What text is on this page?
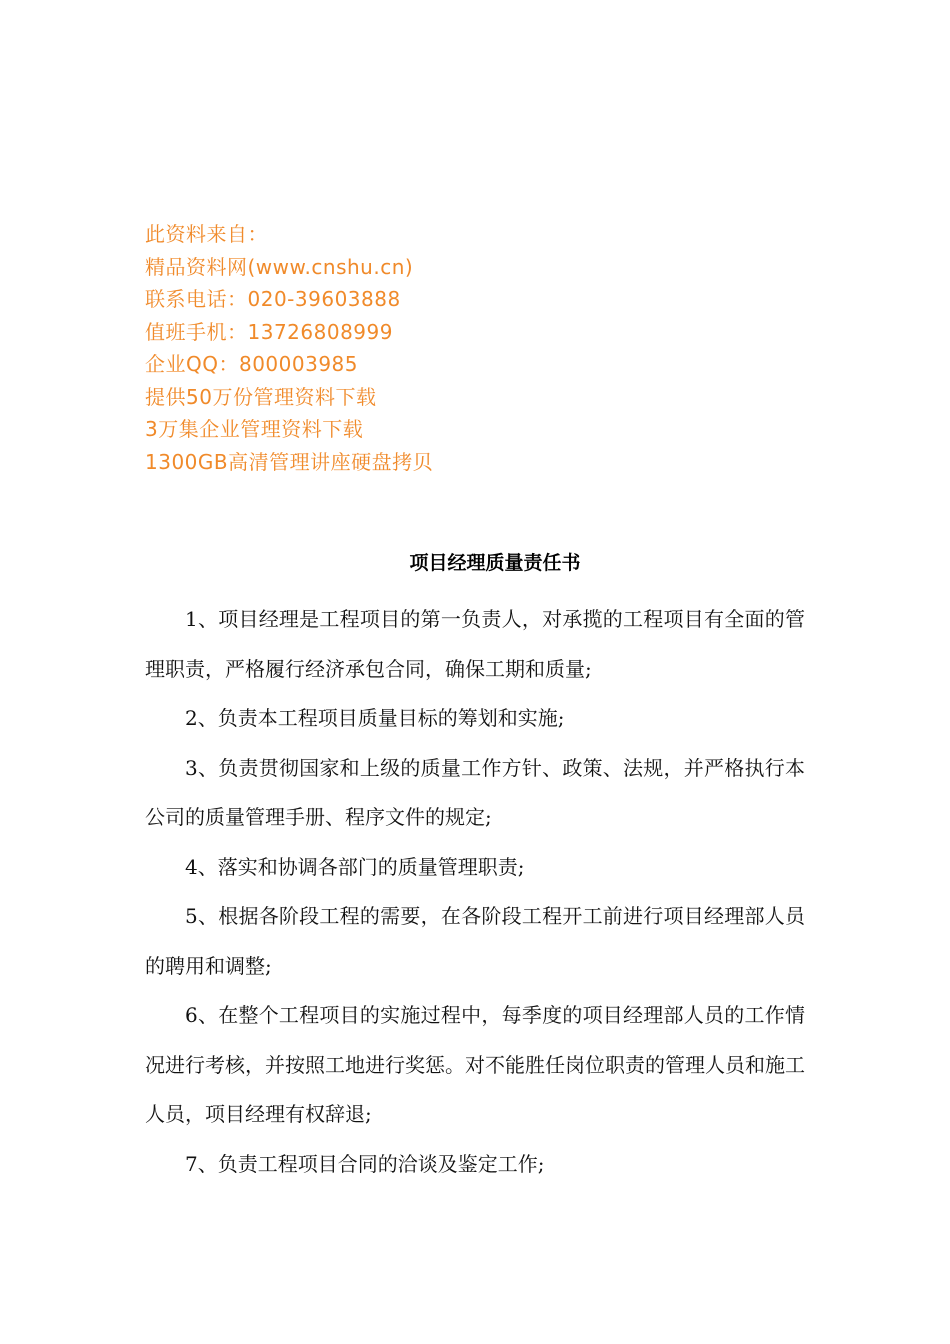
此资料来自：
精品资料网(www.cnshu.cn)
联系电话：020-39603888
值班手机：13726808999
企业QQ：800003985
提供50万份管理资料下载
3万集企业管理资料下载
1300GB高清管理讲座硬盘拷贝
项目经理质量责任书

1、项目经理是工程项目的第一负责人，对承揽的工程项目有全面的管理职责，严格履行经济承包合同，确保工期和质量;

2、负责本工程项目质量目标的筹划和实施;

3、负责贯彻国家和上级的质量工作方针、政策、法规，并严格执行本公司的质量管理手册、程序文件的规定;

4、落实和协调各部门的质量管理职责;

5、根据各阶段工程的需要，在各阶段工程开工前进行项目经理部人员的聘用和调整;

6、在整个工程项目的实施过程中，每季度的项目经理部人员的工作情况进行考核，并按照工地进行奖惩。对不能胜任岗位职责的管理人员和施工人员，项目经理有权辞退;

7、负责工程项目合同的洽谈及鉴定工作;
